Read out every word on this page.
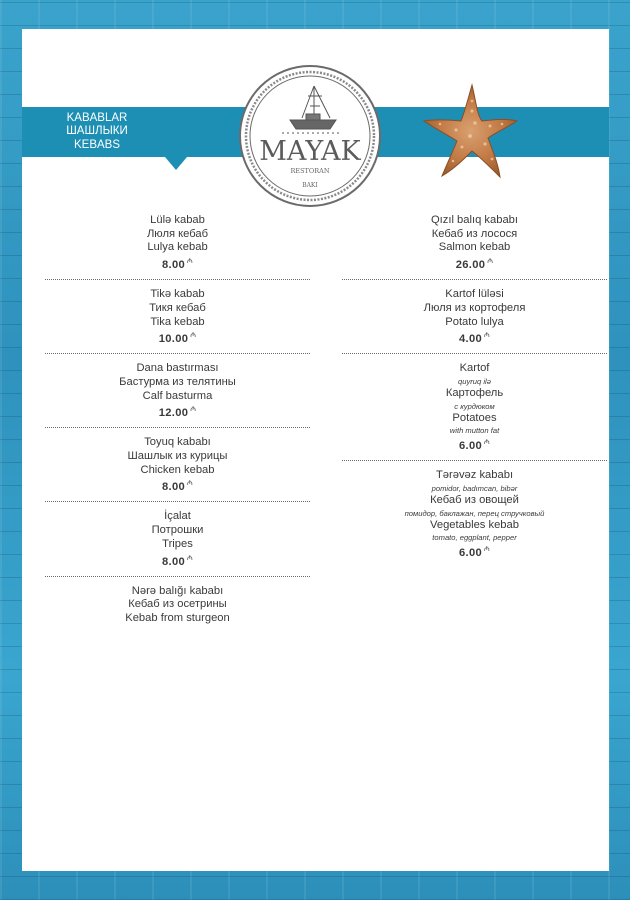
KABABLAR
ШАШЛЫКИ
KEBABS	MAYAK
RESTORAN
BAKI
Lülə kabab
Люля кебаб
Lulya kebab
8.00 ₼
Tikə kabab
Тикя кебаб
Tika kebab
10.00 ₼
Dana bastırması
Бастурма из телятины
Calf basturma
12.00 ₼
Toyuq kababı
Шашлык из курицы
Chicken kebab
8.00 ₼
İçalat
Потрошки
Tripes
8.00 ₼
Nərə balığı kababı
Кебаб из осетрины
Kebab from sturgeon
Qızıl balıq kababı
Кебаб из лосося
Salmon kebab
26.00 ₼
Kartof lüləsi
Люля из кортофеля
Potato lulya
4.00 ₼
Kartof
quyruq ilə
Картофель
с курдюком
Potatoes
with mutton fat
6.00 ₼
Tərəvəz kababı
pomidor, badımcan, bibər
Кебаб из овощей
помидор, баклажан, перец стручковый
Vegetables kebab
tomato, eggplant, pepper
6.00 ₼
